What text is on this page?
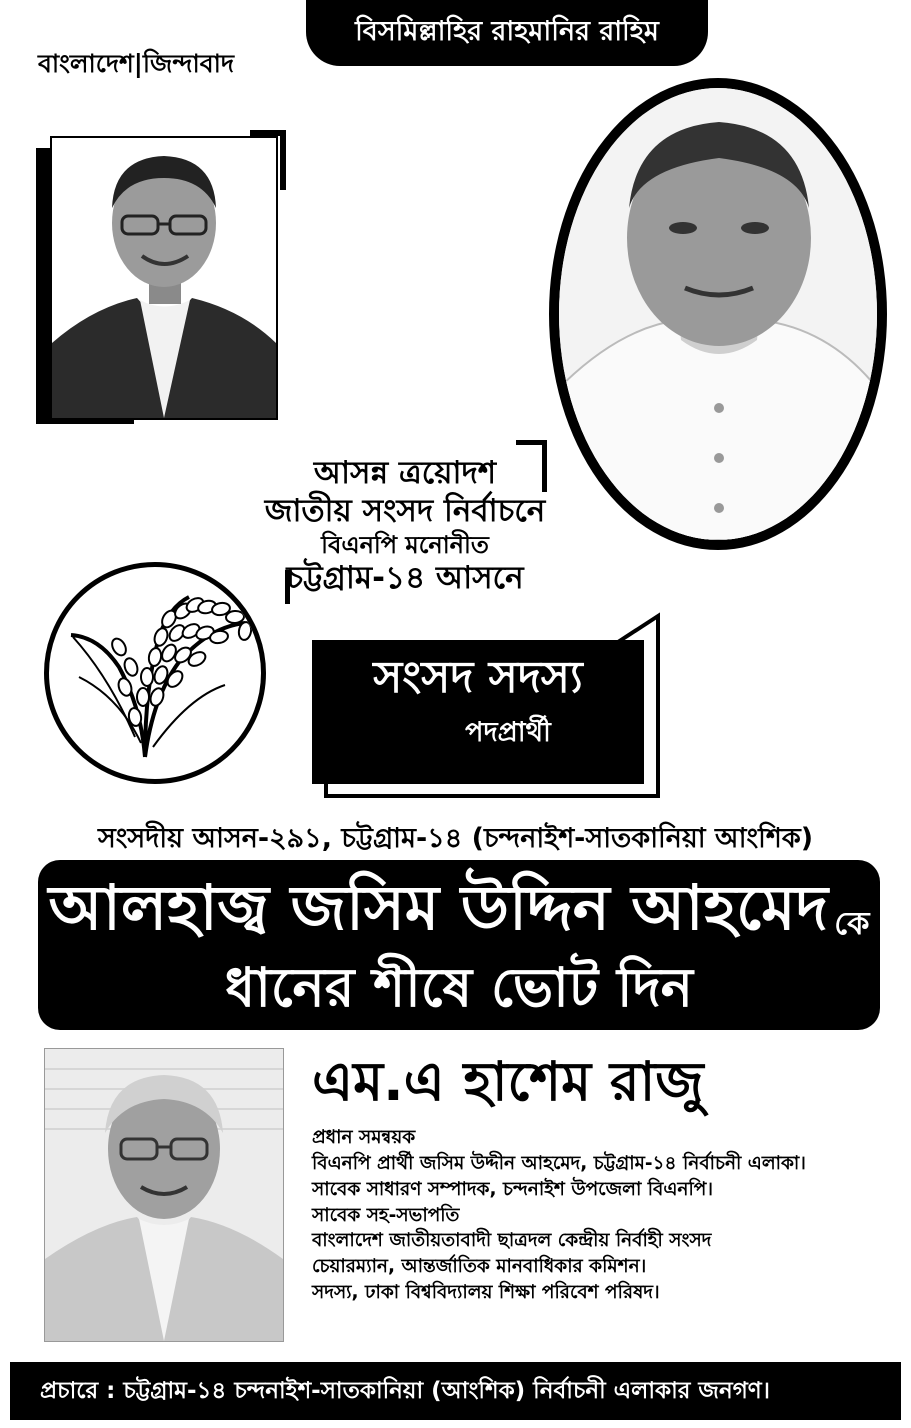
বিসমিল্লাহির রাহমানির রাহিম
বাংলাদেশ|জিন্দাবাদ
আসন্ন ত্রয়োদশ
জাতীয় সংসদ নির্বাচনে
বিএনপি মনোনীত
চট্টগ্রাম-১৪ আসনে
সংসদ সদস্য
পদপ্রার্থী
সংসদীয় আসন-২৯১, চট্টগ্রাম-১৪ (চন্দনাইশ-সাতকানিয়া আংশিক)
আলহাজ্ব জসিম উদ্দিন আহমেদ কে
ধানের শীষে ভোট দিন
এম.এ হাশেম রাজু
প্রধান সমন্বয়ক
বিএনপি প্রার্থী জসিম উদ্দীন আহমেদ, চট্টগ্রাম-১৪ নির্বাচনী এলাকা।
সাবেক সাধারণ সম্পাদক, চন্দনাইশ উপজেলা বিএনপি।
সাবেক সহ-সভাপতি
বাংলাদেশ জাতীয়তাবাদী ছাত্রদল কেন্দ্রীয় নির্বাহী সংসদ
চেয়ারম্যান, আন্তর্জাতিক মানবাধিকার কমিশন।
সদস্য, ঢাকা বিশ্ববিদ্যালয় শিক্ষা পরিবেশ পরিষদ।
প্রচারে : চট্টগ্রাম-১৪ চন্দনাইশ-সাতকানিয়া (আংশিক) নির্বাচনী এলাকার জনগণ।
